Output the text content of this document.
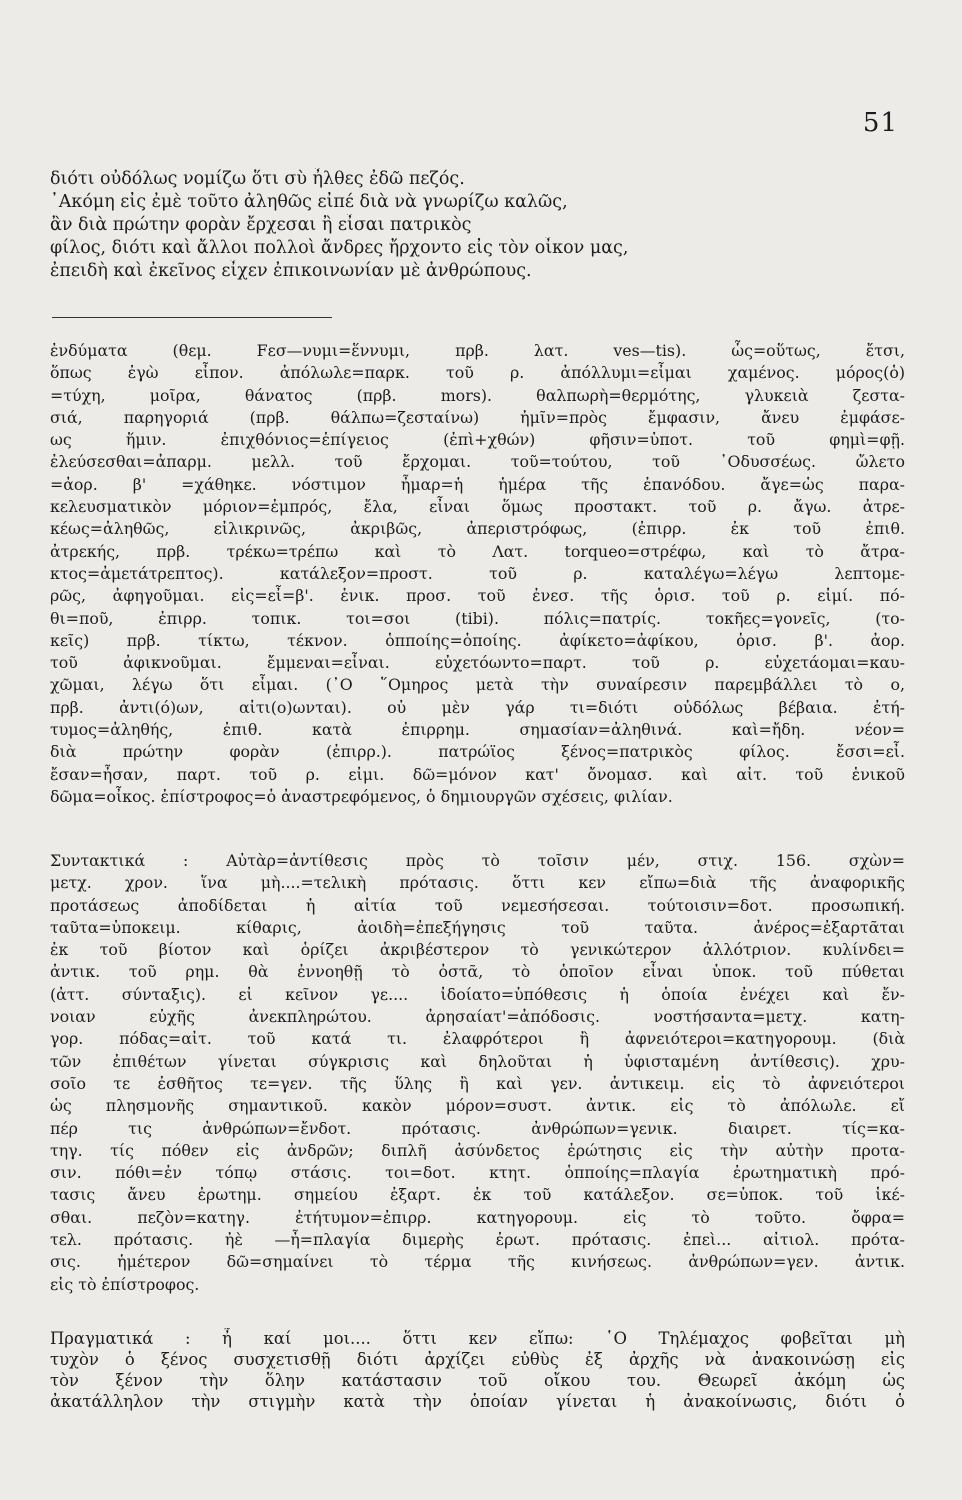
51
διότι οὐδόλως νομίζω ὅτι σὺ ἦλθες ἐδῶ πεζός.
᾿Ακόμη εἰς ἐμὲ τοῦτο ἀληθῶς εἰπέ διὰ νὰ γνωρίζω καλῶς,
ἂν διὰ πρώτην φορὰν ἔρχεσαι ἢ εἶσαι πατρικὸς
φίλος, διότι καὶ ἄλλοι πολλοὶ ἄνδρες ἤρχοντο εἰς τὸν οἶκον μας,
ἐπειδὴ καὶ ἐκεῖνος εἶχεν ἐπικοινωνίαν μὲ ἀνθρώπους.
ἐνδύματα (θεμ. Fεσ—νυμι=ἕννυμι, πρβ. λατ. ves—tis). ὧς=οὕτως, ἔτσι,
ὅπως ἐγὼ εἶπον. ἀπόλωλε=παρκ. τοῦ ρ. ἀπόλλυμι=εἶμαι χαμένος. μόρος(ὁ)
=τύχη, μοῖρα, θάνατος (πρβ. mors). θαλπωρὴ=θερμότης, γλυκειὰ ζεστα-
σιά, παρηγοριά (πρβ. θάλπω=ζεσταίνω) ἡμῖν=πρὸς ἔμφασιν, ἄνευ ἐμφάσε-
ως ἥμιν. ἐπιχθόνιος=ἐπίγειος (ἐπὶ+χθών) φῆσιν=ὑποτ. τοῦ φημὶ=φῇ.
ἐλεύσεσθαι=ἀπαρμ. μελλ. τοῦ ἔρχομαι. τοῦ=τούτου, τοῦ ᾿Οδυσσέως. ὤλετο
=ἀορ. β' =χάθηκε. νόστιμον ἦμαρ=ἡ ἡμέρα τῆς ἐπανόδου. ἄγε=ὡς παρα-
κελευσματικὸν μόριον=ἐμπρός, ἔλα, εἶναι ὅμως προστακτ. τοῦ ρ. ἄγω. ἀτρε-
κέως=ἀληθῶς, εἰλικρινῶς, ἀκριβῶς, ἀπεριστρόφως, (ἐπιρρ. ἐκ τοῦ ἐπιθ.
ἀτρεκής, πρβ. τρέκω=τρέπω καὶ τὸ Λατ. torqueo=στρέφω, καὶ τὸ ἄτρα-
κτος=ἀμετάτρεπτος). κατάλεξον=προστ. τοῦ ρ. καταλέγω=λέγω λεπτομε-
ρῶς, ἀφηγοῦμαι. εἰς=εἶ=β'. ἑνικ. προσ. τοῦ ἐνεσ. τῆς ὁρισ. τοῦ ρ. εἰμί. πό-
θι=ποῦ, ἐπιρρ. τοπικ. τοι=σοι (tibi). πόλις=πατρίς. τοκῆες=γονεῖς, (το-
κεῖς) πρβ. τίκτω, τέκνον. ὁπποίης=ὁποίης. ἀφίκετο=ἀφίκου, ὁρισ. β'. ἀορ.
τοῦ ἀφικνοῦμαι. ἔμμεναι=εἶναι. εὐχετόωντο=παρτ. τοῦ ρ. εὐχετάομαι=καυ-
χῶμαι, λέγω ὅτι εἶμαι. (᾿Ο ῞Ομηρος μετὰ τὴν συναίρεσιν παρεμβάλλει τὸ ο,
πρβ. ἀντι(ό)ων, αἰτι(ο)ωνται). οὐ μὲν γάρ τι=διότι οὐδόλως βέβαια. ἐτή-
τυμος=ἀληθής, ἐπιθ. κατὰ ἐπιρρημ. σημασίαν=ἀληθινά. καὶ=ἤδη. νέον=
διὰ πρώτην φορὰν (ἐπιρρ.). πατρώϊος ξένος=πατρικὸς φίλος. ἔσσι=εἶ.
ἔσαν=ἦσαν, παρτ. τοῦ ρ. εἰμι. δῶ=μόνον κατ' ὄνομασ. καὶ αἰτ. τοῦ ἑνικοῦ
δῶμα=οἶκος. ἐπίστροφος=ὁ ἀναστρεφόμενος, ὁ δημιουργῶν σχέσεις, φιλίαν.
Συντακτικά : Αὐτὰρ=ἀντίθεσις πρὸς τὸ τοῖσιν μέν, στιχ. 156. σχὼν=
μετχ. χρον. ἵνα μὴ....=τελικὴ πρότασις. ὅττι κεν εἴπω=διὰ τῆς ἀναφορικῆς
προτάσεως ἀποδίδεται ἡ αἰτία τοῦ νεμεσήσεσαι. τούτοισιν=δοτ. προσωπική.
ταῦτα=ὑποκειμ. κίθαρις, ἀοιδὴ=ἐπεξήγησις τοῦ ταῦτα. ἀνέρος=ἐξαρτᾶται
ἐκ τοῦ βίοτον καὶ ὁρίζει ἀκριβέστερον τὸ γενικώτερον ἀλλότριον. κυλίνδει=
ἀντικ. τοῦ ρημ. θὰ ἐννοηθῇ τὸ ὀστᾶ, τὸ ὁποῖον εἶναι ὑποκ. τοῦ πύθεται
(ἀττ. σύνταξις). εἰ κεῖνον γε.... ἰδοίατο=ὑπόθεσις ἡ ὁποία ἐνέχει καὶ ἔν-
νοιαν εὐχῆς ἀνεκπληρώτου. ἀρησαίατ'=ἀπόδοσις. νοστήσαντα=μετχ. κατη-
γορ. πόδας=αἰτ. τοῦ κατά τι. ἐλαφρότεροι ἢ ἀφνειότεροι=κατηγορουμ. (διὰ
τῶν ἐπιθέτων γίνεται σύγκρισις καὶ δηλοῦται ἡ ὑφισταμένη ἀντίθεσις). χρυ-
σοῖο τε ἐσθῆτος τε=γεν. τῆς ὕλης ἢ καὶ γεν. ἀντικειμ. εἰς τὸ ἀφνειότεροι
ὡς πλησμονῆς σημαντικοῦ. κακὸν μόρον=συστ. ἀντικ. εἰς τὸ ἀπόλωλε. εἴ
πέρ τις ἀνθρώπων=ἔνδοτ. πρότασις. ἀνθρώπων=γενικ. διαιρετ. τίς=κα-
τηγ. τίς πόθεν εἰς ἀνδρῶν; διπλῆ ἀσύνδετος ἐρώτησις εἰς τὴν αὐτὴν προτα-
σιν. πόθι=ἐν τόπῳ στάσις. τοι=δοτ. κτητ. ὁπποίης=πλαγία ἐρωτηματικὴ πρό-
τασις ἄνευ ἐρωτημ. σημείου ἐξαρτ. ἐκ τοῦ κατάλεξον. σε=ὑποκ. τοῦ ἱκέ-
σθαι. πεζὸν=κατηγ. ἐτήτυμον=ἐπιρρ. κατηγορουμ. εἰς τὸ τοῦτο. ὄφρα=
τελ. πρότασις. ἠὲ —ἦ=πλαγία διμερὴς ἐρωτ. πρότασις. ἐπεὶ... αἰτιολ. πρότα-
σις. ἡμέτερον δῶ=σημαίνει τὸ τέρμα τῆς κινήσεως. ἀνθρώπων=γεν. ἀντικ.
εἰς τὸ ἐπίστροφος.
Πραγματικά : ἦ καί μοι.... ὅττι κεν εἴπω: ῾Ο Τηλέμαχος φοβεῖται μὴ
τυχὸν ὁ ξένος συσχετισθῇ διότι ἀρχίζει εὐθὺς ἐξ ἀρχῆς νὰ ἀνακοινώσῃ εἰς
τὸν ξένον τὴν ὅλην κατάστασιν τοῦ οἴκου του. Θεωρεῖ ἀκόμη ὡς
ἀκατάλληλον τὴν στιγμὴν κατὰ τὴν ὁποίαν γίνεται ἡ ἀνακοίνωσις, διότι ὁ
